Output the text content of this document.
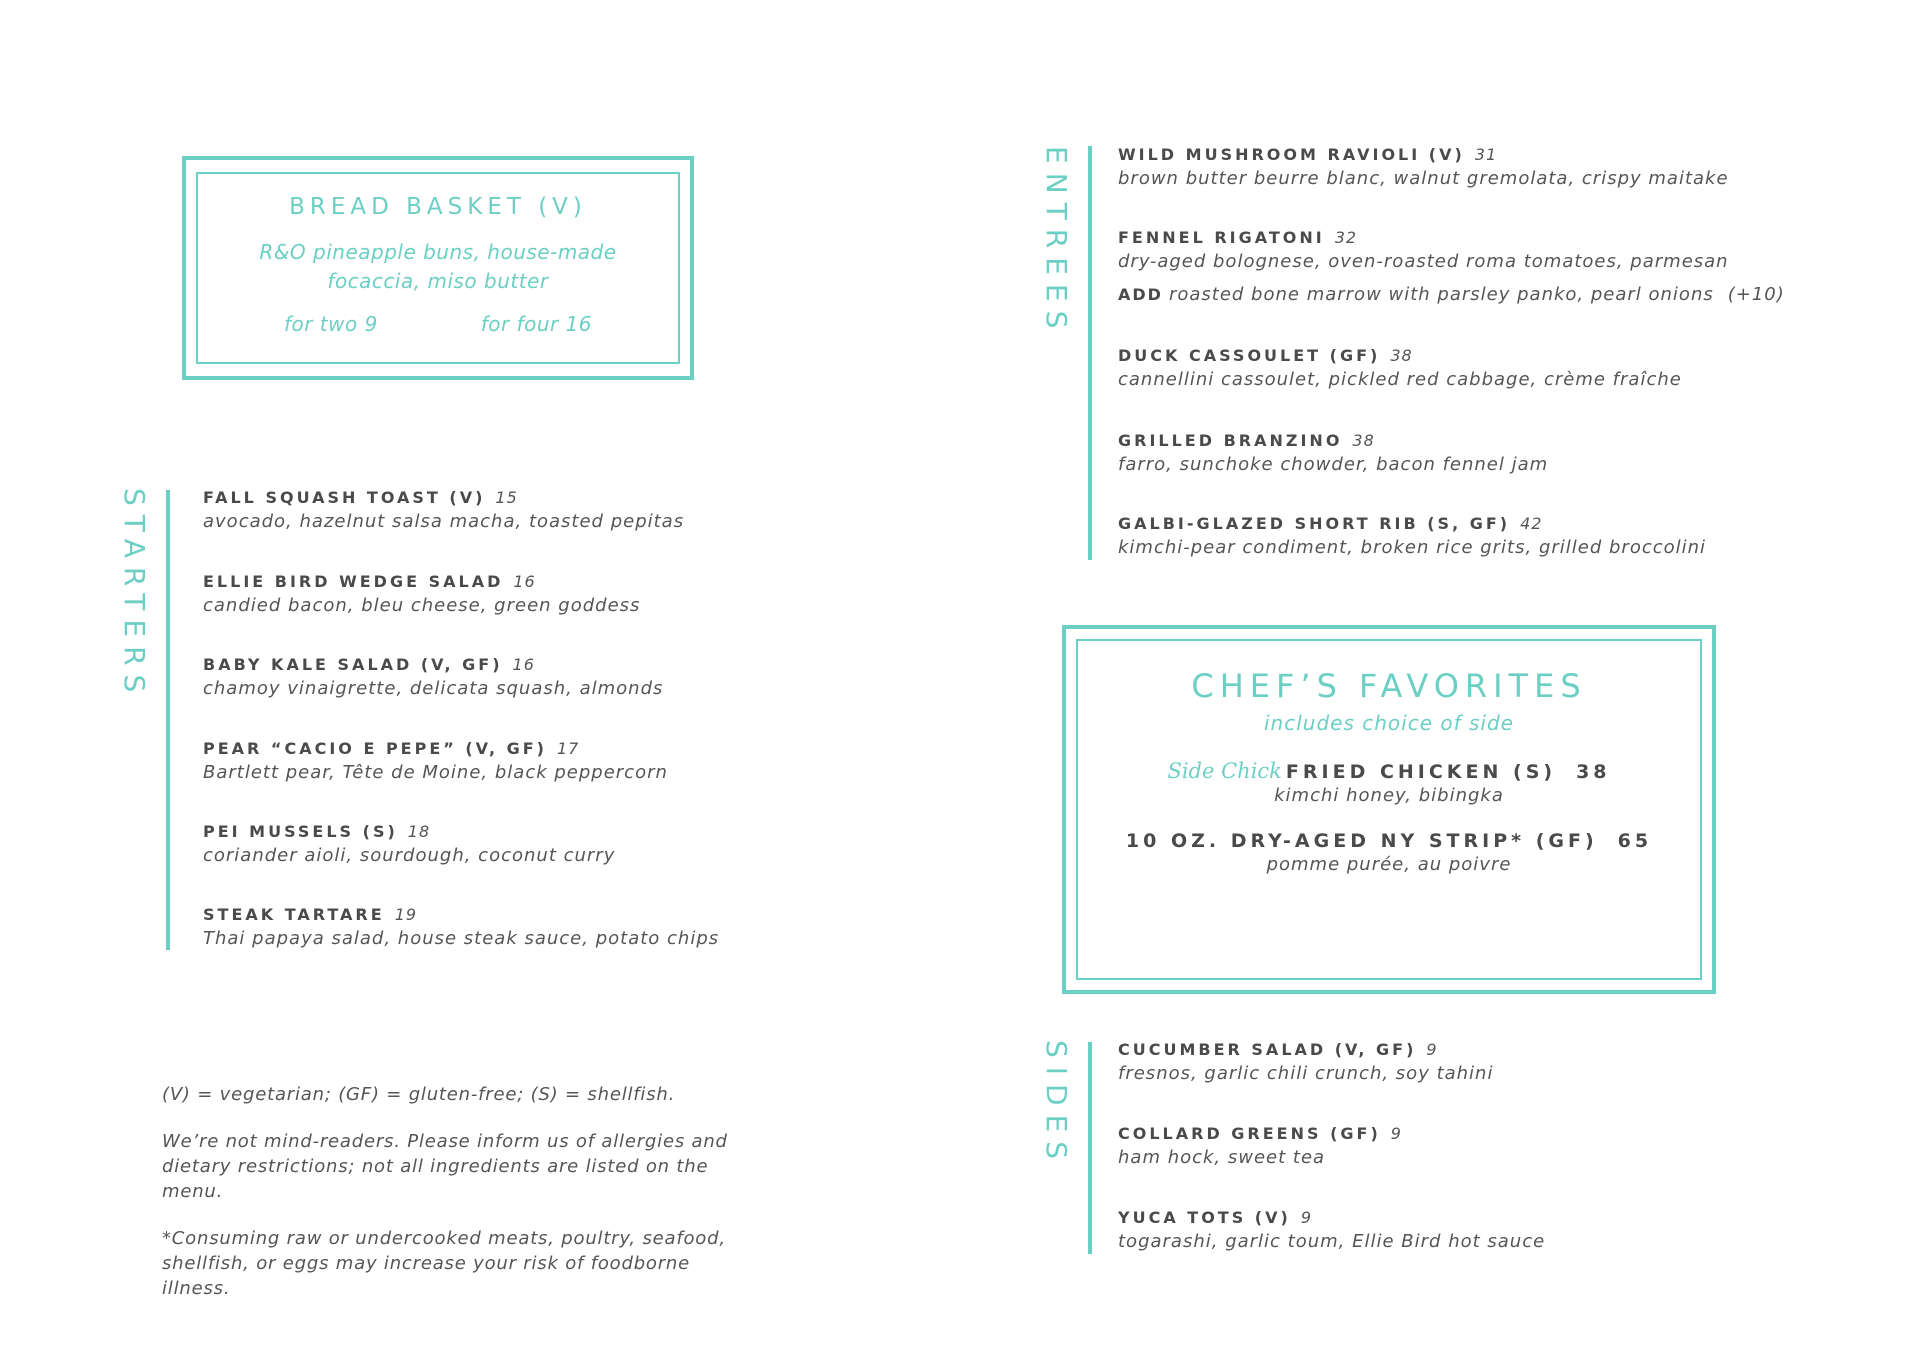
BREAD BASKET (V)
R&O pineapple buns, house-made focaccia, miso butter
for two 9	for four 16
STARTERS	FALL SQUASH TOAST (V) 15
avocado, hazelnut salsa macha, toasted pepitas
ELLIE BIRD WEDGE SALAD 16
candied bacon, bleu cheese, green goddess
BABY KALE SALAD (V, GF) 16
chamoy vinaigrette, delicata squash, almonds
PEAR “CACIO E PEPE” (V, GF) 17
Bartlett pear, Tête de Moine, black peppercorn
PEI MUSSELS (S) 18
coriander aioli, sourdough, coconut curry
STEAK TARTARE 19
Thai papaya salad, house steak sauce, potato chips
ENTREES	WILD MUSHROOM RAVIOLI (V) 31
brown butter beurre blanc, walnut gremolata, crispy maitake
FENNEL RIGATONI 32
dry-aged bolognese, oven-roasted roma tomatoes, parmesan
ADD roasted bone marrow with parsley panko, pearl onions (+10)
DUCK CASSOULET (GF) 38
cannellini cassoulet, pickled red cabbage, crème fraîche
GRILLED BRANZINO 38
farro, sunchoke chowder, bacon fennel jam
GALBI-GLAZED SHORT RIB (S, GF) 42
kimchi-pear condiment, broken rice grits, grilled broccolini
CHEF’S FAVORITES
includes choice of side
Side Chick FRIED CHICKEN (S) 38
kimchi honey, bibingka
10 OZ. DRY-AGED NY STRIP* (GF) 65
pomme purée, au poivre
SIDES	CUCUMBER SALAD (V, GF) 9
fresnos, garlic chili crunch, soy tahini
COLLARD GREENS (GF) 9
ham hock, sweet tea
YUCA TOTS (V) 9
togarashi, garlic toum, Ellie Bird hot sauce
(V) = vegetarian; (GF) = gluten-free; (S) = shellfish.
We’re not mind-readers. Please inform us of allergies and dietary restrictions; not all ingredients are listed on the menu.
*Consuming raw or undercooked meats, poultry, seafood, shellfish, or eggs may increase your risk of foodborne illness.
